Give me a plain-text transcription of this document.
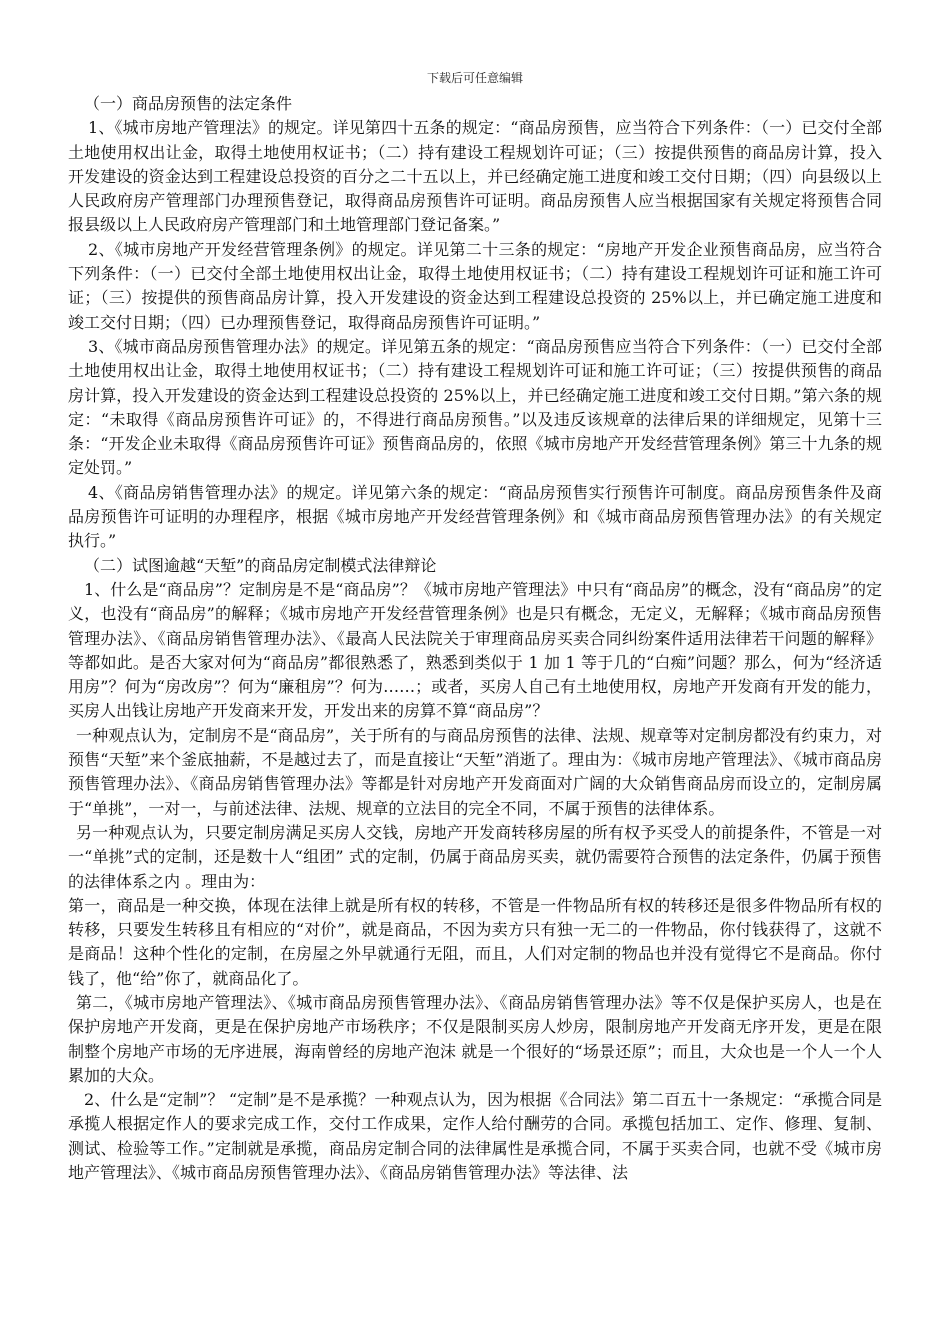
下载后可任意编辑

（一）商品房预售的法定条件

1、《城市房地产管理法》的规定。详见第四十五条的规定：“商品房预售，应当符合下列条件：（一）已交付全部土地使用权出让金，取得土地使用权证书；（二）持有建设工程规划许可证；（三）按提供预售的商品房计算，投入开发建设的资金达到工程建设总投资的百分之二十五以上，并已经确定施工进度和竣工交付日期；（四）向县级以上人民政府房产管理部门办理预售登记，取得商品房预售许可证明。商品房预售人应当根据国家有关规定将预售合同报县级以上人民政府房产管理部门和土地管理部门登记备案。”

2、《城市房地产开发经营管理条例》的规定。详见第二十三条的规定：“房地产开发企业预售商品房，应当符合下列条件：（一）已交付全部土地使用权出让金，取得土地使用权证书；（二）持有建设工程规划许可证和施工许可证；（三）按提供的预售商品房计算，投入开发建设的资金达到工程建设总投资的 25%以上，并已确定施工进度和竣工交付日期；（四）已办理预售登记，取得商品房预售许可证明。”

3、《城市商品房预售管理办法》的规定。详见第五条的规定：“商品房预售应当符合下列条件：（一）已交付全部土地使用权出让金，取得土地使用权证书；（二）持有建设工程规划许可证和施工许可证；（三）按提供预售的商品房计算，投入开发建设的资金达到工程建设总投资的 25%以上，并已经确定施工进度和竣工交付日期。”第六条的规定：“未取得《商品房预售许可证》的，不得进行商品房预售。”以及违反该规章的法律后果的详细规定，见第十三条：“开发企业未取得《商品房预售许可证》预售商品房的，依照《城市房地产开发经营管理条例》第三十九条的规定处罚。”

4、《商品房销售管理办法》的规定。详见第六条的规定：“商品房预售实行预售许可制度。商品房预售条件及商品房预售许可证明的办理程序，根据《城市房地产开发经营管理条例》和《城市商品房预售管理办法》的有关规定执行。”

（二）试图逾越“天堑”的商品房定制模式法律辩论

1、什么是“商品房”？定制房是不是“商品房”？《城市房地产管理法》中只有“商品房”的概念，没有“商品房”的定义，也没有“商品房”的解释；《城市房地产开发经营管理条例》也是只有概念，无定义，无解释；《城市商品房预售管理办法》、《商品房销售管理办法》、《最高人民法院关于审理商品房买卖合同纠纷案件适用法律若干问题的解释》等都如此。是否大家对何为“商品房”都很熟悉了，熟悉到类似于 1 加 1 等于几的“白痴”问题？那么，何为“经济适用房”？何为“房改房”？何为“廉租房”？何为……；或者，买房人自己有土地使用权，房地产开发商有开发的能力，买房人出钱让房地产开发商来开发，开发出来的房算不算“商品房”？

一种观点认为，定制房不是“商品房”，关于所有的与商品房预售的法律、法规、规章等对定制房都没有约束力，对预售“天堑”来个釜底抽薪，不是越过去了，而是直接让“天堑”消逝了。理由为：《城市房地产管理法》、《城市商品房预售管理办法》、《商品房销售管理办法》等都是针对房地产开发商面对广阔的大众销售商品房而设立的，定制房属于“单挑”，一对一，与前述法律、法规、规章的立法目的完全不同，不属于预售的法律体系。

另一种观点认为，只要定制房满足买房人交钱，房地产开发商转移房屋的所有权予买受人的前提条件，不管是一对一“单挑”式的定制，还是数十人“组团” 式的定制，仍属于商品房买卖，就仍需要符合预售的法定条件，仍属于预售的法律体系之内 。理由为：

第一，商品是一种交换，体现在法律上就是所有权的转移，不管是一件物品所有权的转移还是很多件物品所有权的转移，只要发生转移且有相应的“对价”，就是商品，不因为卖方只有独一无二的一件物品，你付钱获得了，这就不是商品！这种个性化的定制，在房屋之外早就通行无阻，而且，人们对定制的物品也并没有觉得它不是商品。你付钱了，他“给”你了，就商品化了。

第二，《城市房地产管理法》、《城市商品房预售管理办法》、《商品房销售管理办法》等不仅是保护买房人，也是在保护房地产开发商，更是在保护房地产市场秩序；不仅是限制买房人炒房，限制房地产开发商无序开发，更是在限制整个房地产市场的无序进展，海南曾经的房地产泡沫 就是一个很好的“场景还原”；而且，大众也是一个人一个人累加的大众。

2、什么是“定制”？ “定制”是不是承揽？一种观点认为，因为根据《合同法》第二百五十一条规定：“承揽合同是承揽人根据定作人的要求完成工作，交付工作成果，定作人给付酬劳的合同。承揽包括加工、定作、修理、复制、测试、检验等工作。”定制就是承揽，商品房定制合同的法律属性是承揽合同，不属于买卖合同，也就不受《城市房地产管理法》、《城市商品房预售管理办法》、《商品房销售管理办法》等法律、法
